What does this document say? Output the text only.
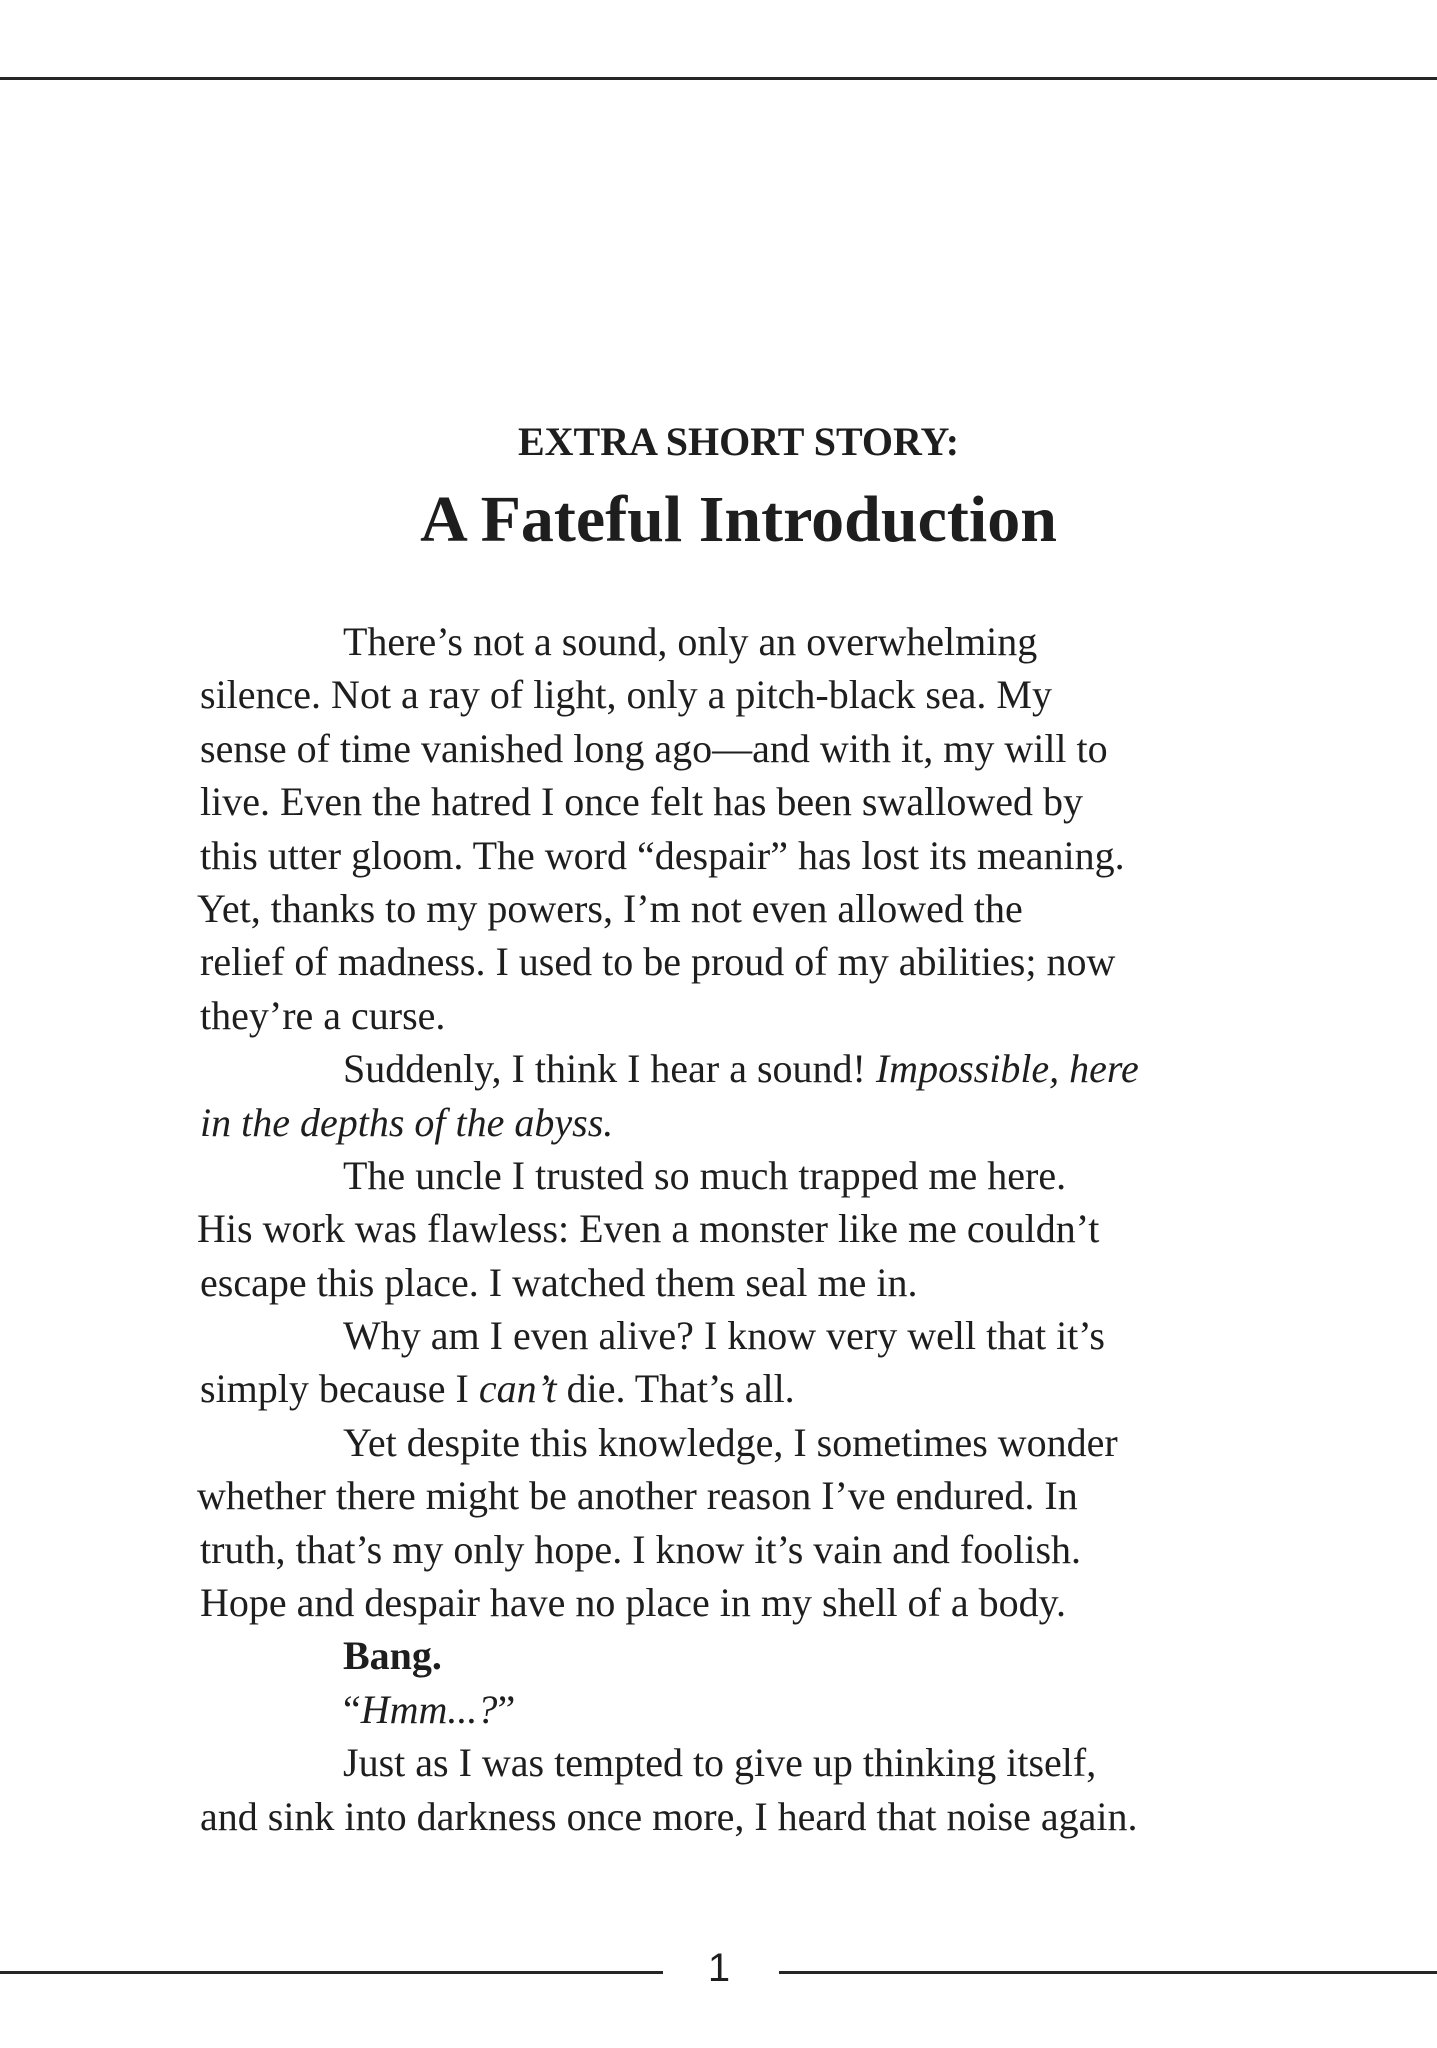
EXTRA SHORT STORY:
A Fateful Introduction
There’s not a sound, only an overwhelming
silence. Not a ray of light, only a pitch-black sea. My
sense of time vanished long ago—and with it, my will to
live. Even the hatred I once felt has been swallowed by
this utter gloom. The word “despair” has lost its meaning.
Yet, thanks to my powers, I’m not even allowed the
relief of madness. I used to be proud of my abilities; now
they’re a curse.
Suddenly, I think I hear a sound! Impossible, here
in the depths of the abyss.
The uncle I trusted so much trapped me here.
His work was flawless: Even a monster like me couldn’t
escape this place. I watched them seal me in.
Why am I even alive? I know very well that it’s
simply because I can’t die. That’s all.
Yet despite this knowledge, I sometimes wonder
whether there might be another reason I’ve endured. In
truth, that’s my only hope. I know it’s vain and foolish.
Hope and despair have no place in my shell of a body.
Bang.
“Hmm...?”
Just as I was tempted to give up thinking itself,
and sink into darkness once more, I heard that noise again.
1
